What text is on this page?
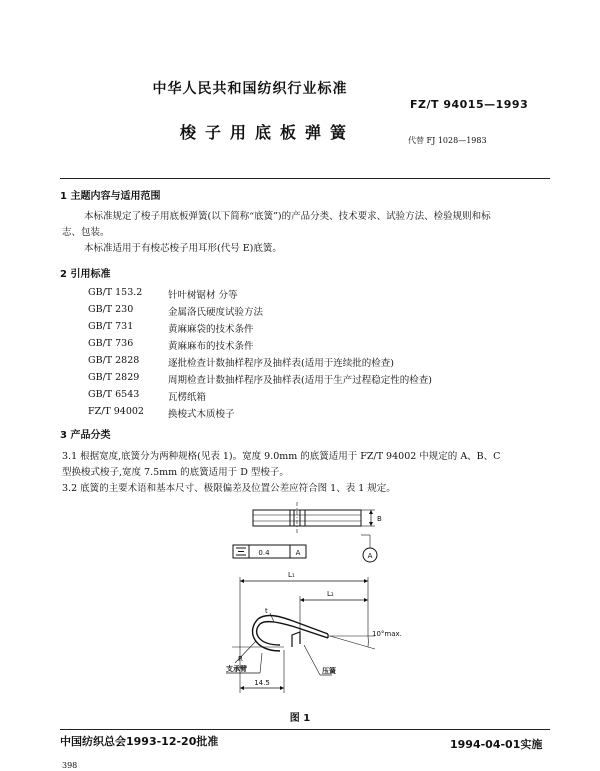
中华人民共和国纺织行业标准
FZ/T 94015—1993
梭子用底板弹簧	代替 FJ 1028—1983
1 主题内容与适用范围
本标准规定了梭子用底板弹簧(以下简称“底簧”)的产品分类、技术要求、试验方法、检验规则和标
志、包装。
本标准适用于有梭芯梭子用耳形(代号 E)底簧。
2 引用标准
GB/T 153.2	针叶树锯材 分等
GB/T 230	金属洛氏硬度试验方法
GB/T 731	黄麻麻袋的技术条件
GB/T 736	黄麻麻布的技术条件
GB/T 2828	逐批检查计数抽样程序及抽样表(适用于连续批的检查)
GB/T 2829	周期检查计数抽样程序及抽样表(适用于生产过程稳定性的检查)
GB/T 6543	瓦楞纸箱
FZ/T 94002	换梭式木质梭子
3 产品分类
3.1 根据宽度,底簧分为两种规格(见表 1)。宽度 9.0mm 的底簧适用于 FZ/T 94002 中规定的 A、B、C
型换梭式梭子,宽度 7.5mm 的底簧适用于 D 型梭子。
3.2 底簧的主要术语和基本尺寸、极限偏差及位置公差应符合图 1、表 1 规定。
0.4	A	A
B
L₁
L₂
t
R
10°max.
14.5
支承臂	压簧
图 1
中国纺织总会1993-12-20批准	1994-04-01实施
398
